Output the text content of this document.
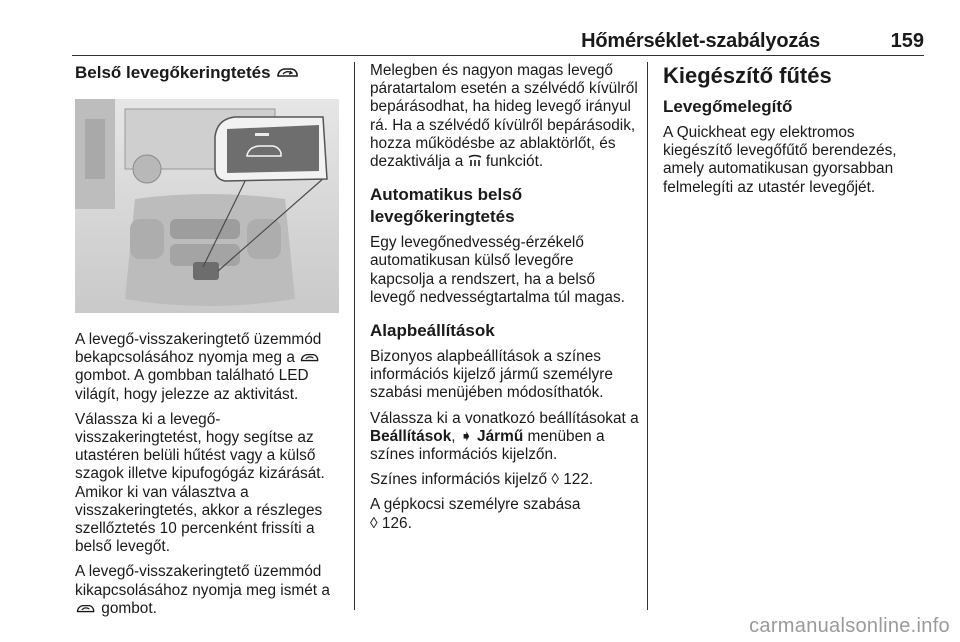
Hőmérséklet-szabályozás	159
Belső levegőkeringtetés

A levegő-visszakeringtető üzemmód bekapcsolásához nyomja meg a  gombot. A gombban található LED világít, hogy jelezze az aktivitást.

Válassza ki a levegő-visszakeringtetést, hogy segítse az utastéren belüli hűtést vagy a külső szagok illetve kipufogógáz kizárását. Amikor ki van választva a visszakeringtetés, akkor a részleges szellőztetés 10 percenként frissíti a belső levegőt.

A levegő-visszakeringtető üzemmód kikapcsolásához nyomja meg ismét a  gombot.

Melegben és nagyon magas levegő páratartalom esetén a szélvédő kívülről bepárásodhat, ha hideg levegő irányul rá. Ha a szélvédő kívülről bepárásodik, hozza működésbe az ablaktörlőt, és dezaktiválja a funkciót.

Automatikus belső levegőkeringtetés

Egy levegőnedvesség-érzékelő automatikusan külső levegőre kapcsolja a rendszert, ha a belső levegő nedvességtartalma túl magas.

Alapbeállítások

Bizonyos alapbeállítások a színes információs kijelző jármű személyre szabási menüjében módosíthatók.

Válassza ki a vonatkozó beállításokat a Beállítások, ➧ Jármű menüben a színes információs kijelzőn.

Színes információs kijelző ◊ 122.

A gépkocsi személyre szabása
◊ 126.

Kiegészítő fűtés
Levegőmelegítő

A Quickheat egy elektromos kiegészítő levegőfűtő berendezés, amely automatikusan gyorsabban felmelegíti az utastér levegőjét.

carmanualsonline.info
